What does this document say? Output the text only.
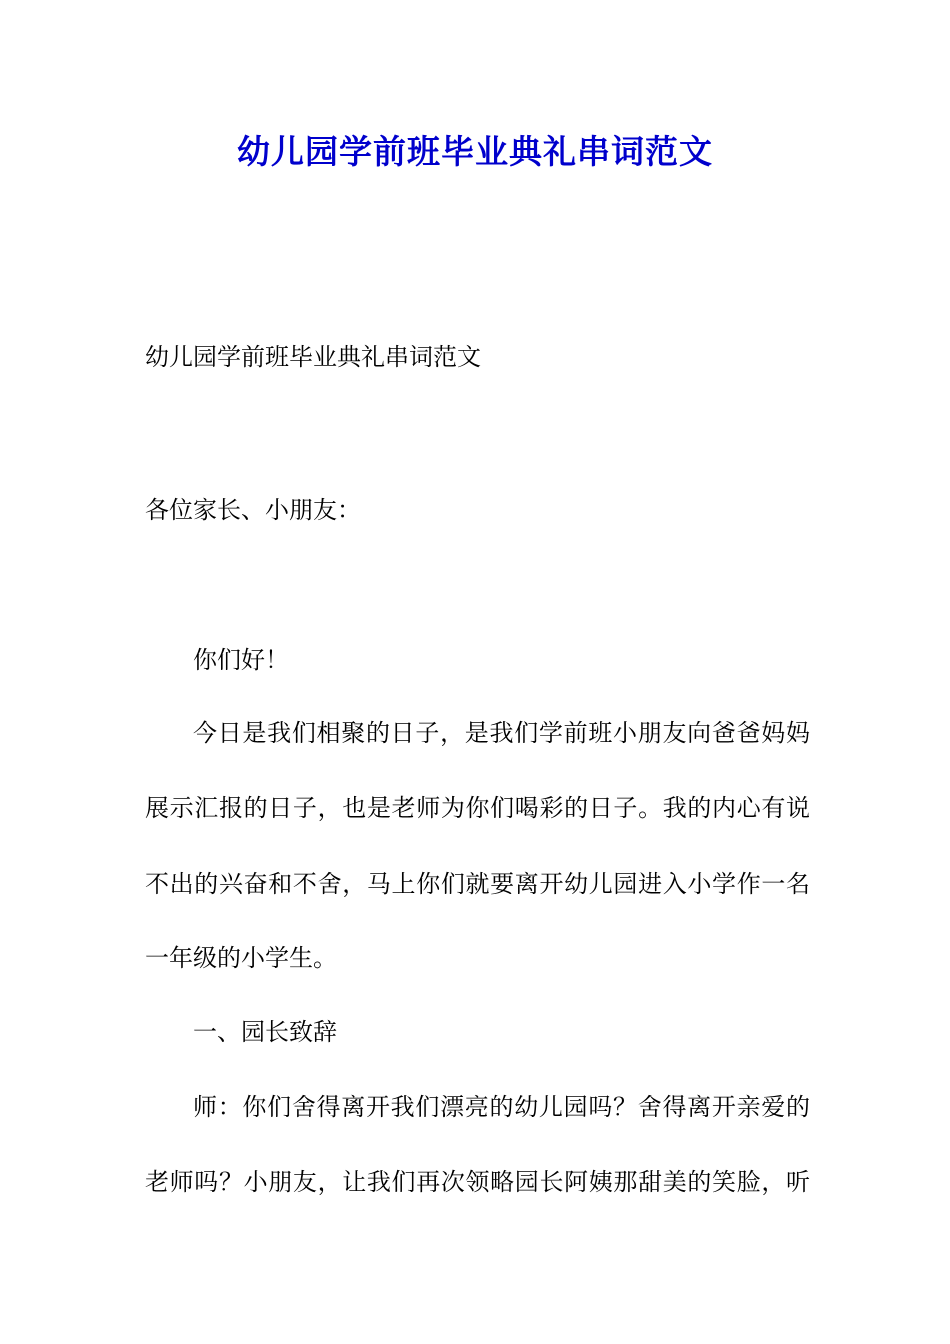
幼儿园学前班毕业典礼串词范文

幼儿园学前班毕业典礼串词范文

各位家长、小朋友：

你们好！

今日是我们相聚的日子，是我们学前班小朋友向爸爸妈妈

展示汇报的日子，也是老师为你们喝彩的日子。我的内心有说

不出的兴奋和不舍，马上你们就要离开幼儿园进入小学作一名

一年级的小学生。

一、园长致辞

师：你们舍得离开我们漂亮的幼儿园吗？舍得离开亲爱的

老师吗？小朋友，让我们再次领略园长阿姨那甜美的笑脸，听
